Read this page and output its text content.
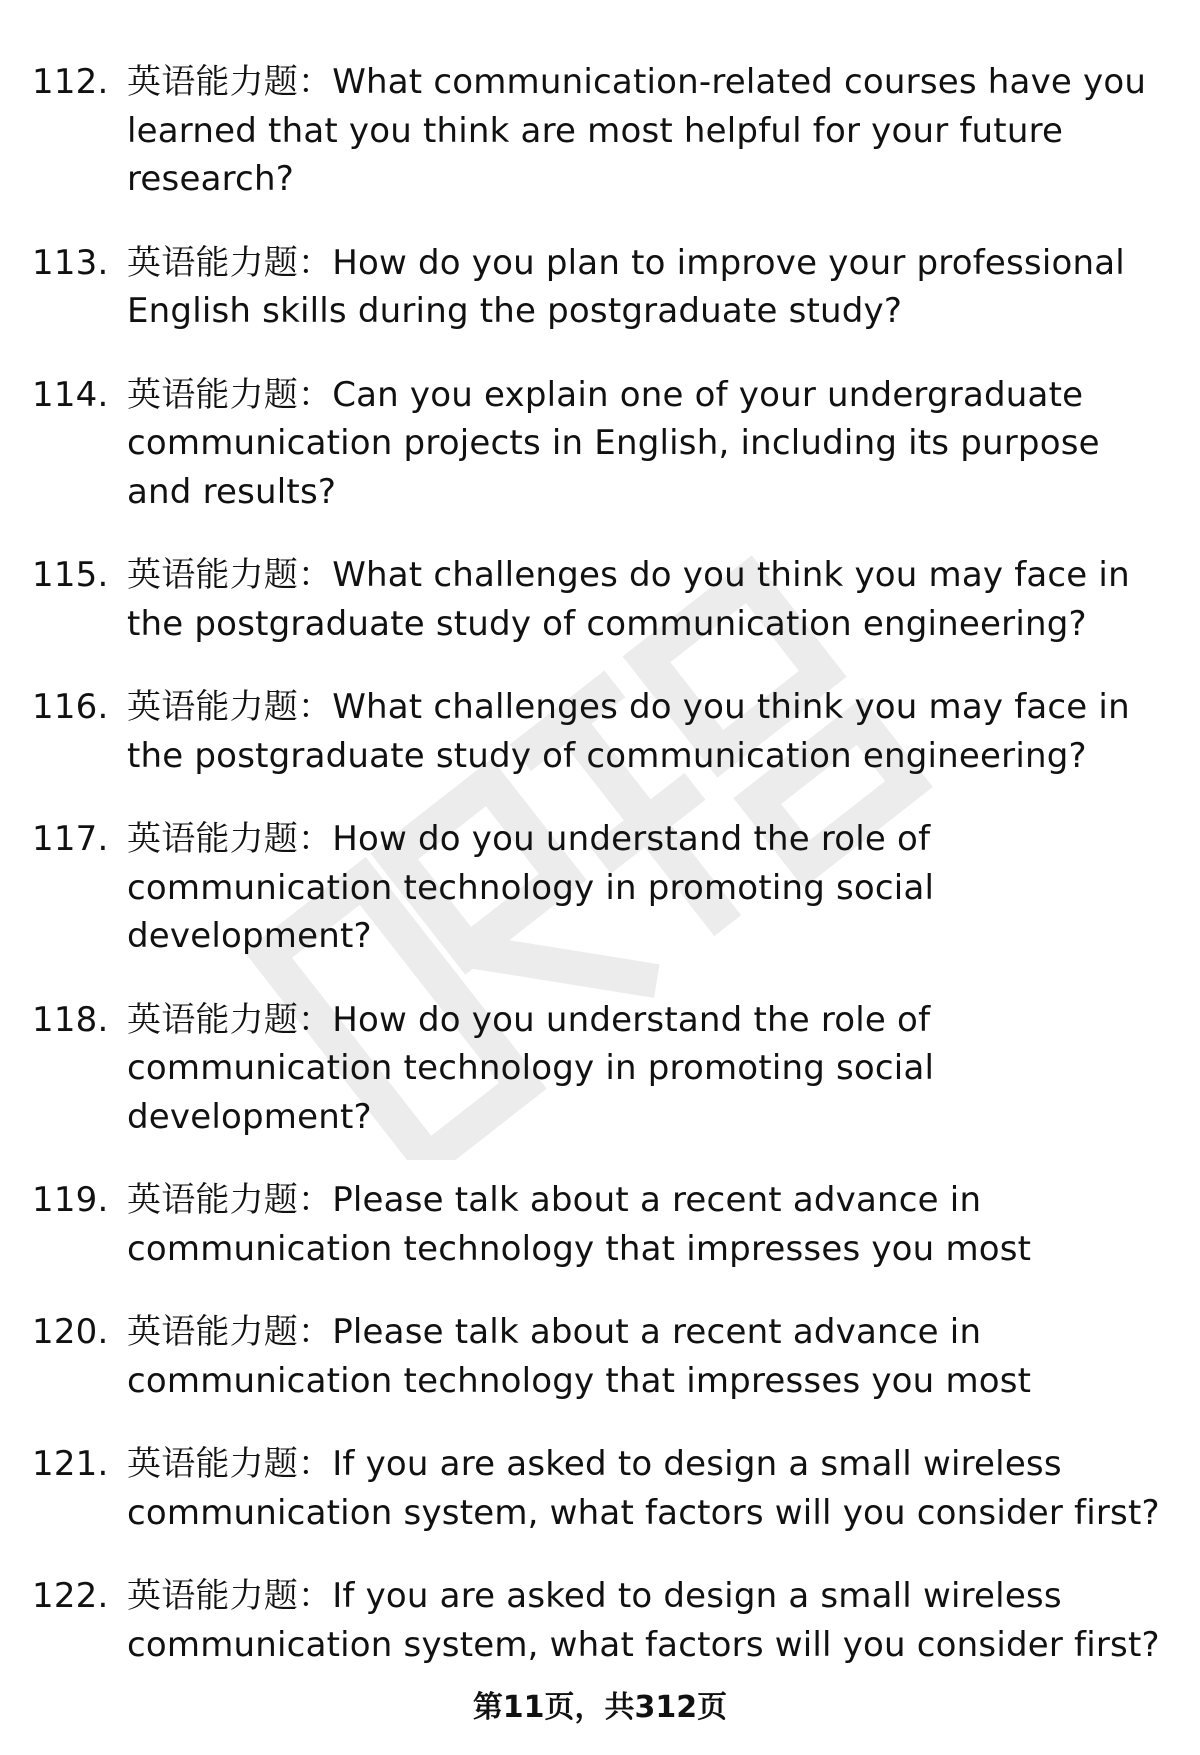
112. 英语能力题：What communication-related courses have you learned that you think are most helpful for your future research?
113. 英语能力题：How do you plan to improve your professional English skills during the postgraduate study?
114. 英语能力题：Can you explain one of your undergraduate communication projects in English, including its purpose and results?
115. 英语能力题：What challenges do you think you may face in the postgraduate study of communication engineering?
116. 英语能力题：What challenges do you think you may face in the postgraduate study of communication engineering?
117. 英语能力题：How do you understand the role of communication technology in promoting social development?
118. 英语能力题：How do you understand the role of communication technology in promoting social development?
119. 英语能力题：Please talk about a recent advance in communication technology that impresses you most
120. 英语能力题：Please talk about a recent advance in communication technology that impresses you most
121. 英语能力题：If you are asked to design a small wireless communication system, what factors will you consider first?
122. 英语能力题：If you are asked to design a small wireless communication system, what factors will you consider first?
第11页，共312页
